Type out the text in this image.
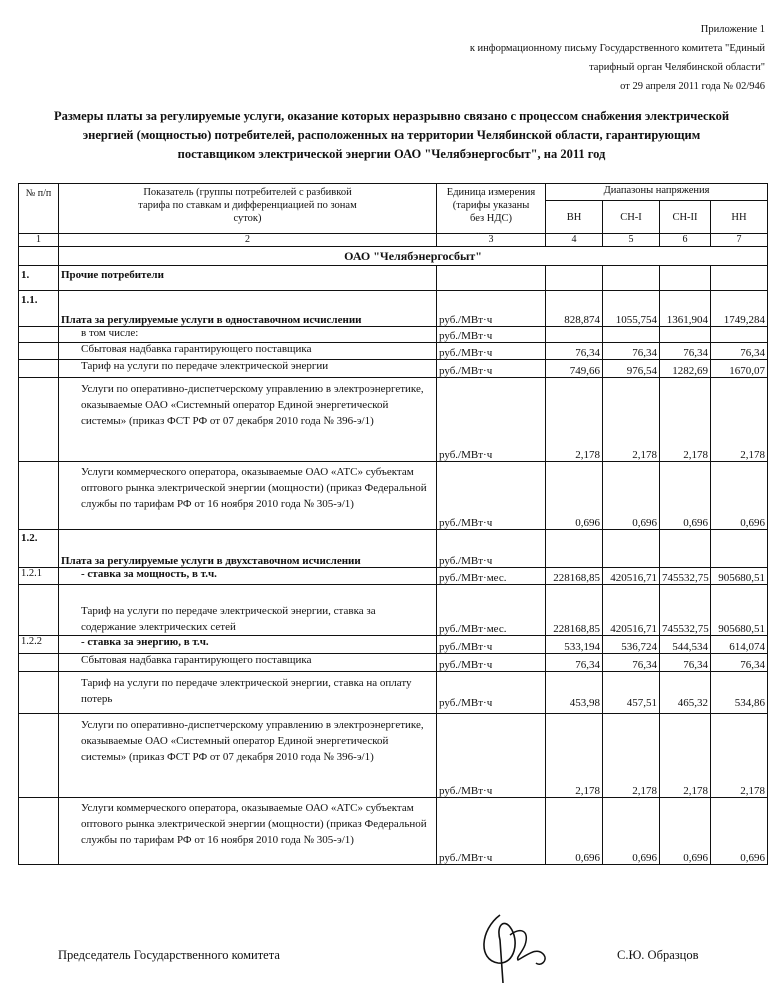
Приложение 1
к информационному письму Государственного комитета "Единый
тарифный орган Челябинской области"
от 29 апреля 2011 года № 02/946
Размеры платы за регулируемые услуги, оказание которых неразрывно связано с процессом снабжения электрической
энергией (мощностью) потребителей, расположенных на территории Челябинской области, гарантирующим
поставщиком электрической энергии ОАО "Челябэнергосбыт", на 2011 год
№ п/п	Показатель (группы потребителей с разбивкой тарифа по ставкам и дифференциацией по зонам суток)	Единица измерения (тарифы указаны без НДС)	Диапазоны напряжения			
			ВН	СН-I	СН-II	НН
1	2	3	4	5	6	7
	ОАО "Челябэнергосбыт"					
1.	Прочие потребители					
1.1.	Плата за регулируемые услуги в одноставочном исчислении	руб./МВт·ч	828,874	1055,754	1361,904	1749,284
	в том числе:	руб./МВт·ч				
	Сбытовая надбавка гарантирующего поставщика	руб./МВт·ч	76,34	76,34	76,34	76,34
	Тариф на услуги по передаче электрической энергии	руб./МВт·ч	749,66	976,54	1282,69	1670,07
	Услуги по оперативно-диспетчерскому управлению в электроэнергетике, оказываемые ОАО «Системный оператор Единой энергетической системы» (приказ ФСТ РФ от 07 декабря 2010 года № 396-э/1)	руб./МВт·ч	2,178	2,178	2,178	2,178
	Услуги коммерческого оператора, оказываемые ОАО «АТС» субъектам оптового рынка электрической энергии (мощности) (приказ Федеральной службы по тарифам РФ от 16 ноября 2010 года № 305-э/1)	руб./МВт·ч	0,696	0,696	0,696	0,696
1.2.	Плата за регулируемые услуги в двухставочном исчислении	руб./МВт·ч				
1.2.1	- ставка за мощность, в т.ч.	руб./МВт·мес.	228168,85	420516,71	745532,75	905680,51
	Тариф на услуги по передаче электрической энергии, ставка за содержание электрических сетей	руб./МВт·мес.	228168,85	420516,71	745532,75	905680,51
1.2.2	- ставка за энергию, в т.ч.	руб./МВт·ч	533,194	536,724	544,534	614,074
	Сбытовая надбавка гарантирующего поставщика	руб./МВт·ч	76,34	76,34	76,34	76,34
	Тариф на услуги по передаче электрической энергии, ставка на оплату потерь	руб./МВт·ч	453,98	457,51	465,32	534,86
	Услуги по оперативно-диспетчерскому управлению в электроэнергетике, оказываемые ОАО «Системный оператор Единой энергетической системы» (приказ ФСТ РФ от 07 декабря 2010 года № 396-э/1)	руб./МВт·ч	2,178	2,178	2,178	2,178
	Услуги коммерческого оператора, оказываемые ОАО «АТС» субъектам оптового рынка электрической энергии (мощности) (приказ Федеральной службы по тарифам РФ от 16 ноября 2010 года № 305-э/1)	руб./МВт·ч	0,696	0,696	0,696	0,696
Председатель Государственного комитета	С.Ю. Образцов
